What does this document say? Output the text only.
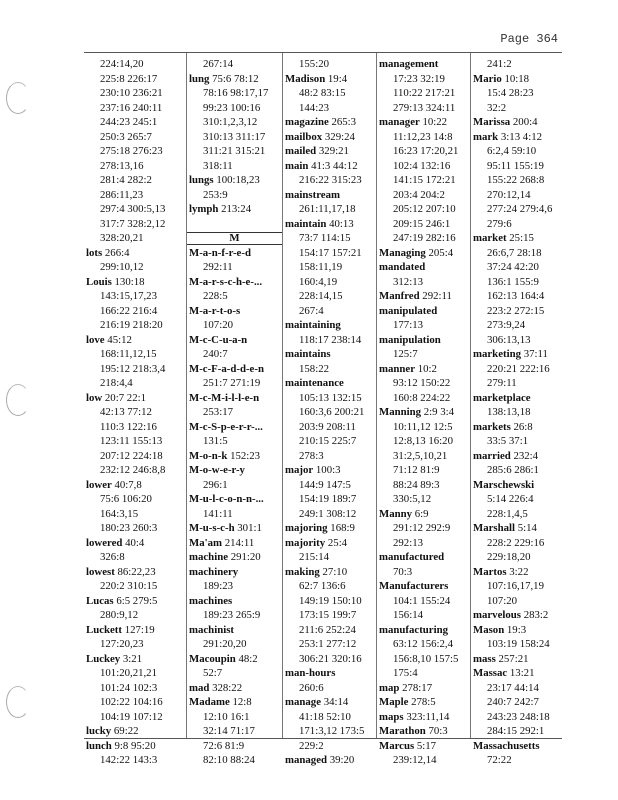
Page 364
224:14,20
225:8 226:17
230:10 236:21
237:16 240:11
244:23 245:1
250:3 265:7
275:18 276:23
278:13,16
281:4 282:2
286:11,23
297:4 300:5,13
317:7 328:2,12
328:20,21
lots 266:4
299:10,12
Louis 130:18
143:15,17,23
166:22 216:4
216:19 218:20
love 45:12
168:11,12,15
195:12 218:3,4
218:4,4
low 20:7 22:1
42:13 77:12
110:3 122:16
123:11 155:13
207:12 224:18
232:12 246:8,8
lower 40:7,8
75:6 106:20
164:3,15
180:23 260:3
lowered 40:4
326:8
lowest 86:22,23
220:2 310:15
Lucas 6:5 279:5
280:9,12
Luckett 127:19
127:20,23
Luckey 3:21
101:20,21,21
101:24 102:3
102:22 104:16
104:19 107:12
lucky 69:22
lunch 9:8 95:20
142:22 143:3
267:14
lung 75:6 78:12
78:16 98:17,17
99:23 100:16
310:1,2,3,12
310:13 311:17
311:21 315:21
318:11
lungs 100:18,23
253:9
lymph 213:24
M
M-a-n-f-r-e-d
292:11
M-a-r-s-c-h-e-...
228:5
M-a-r-t-o-s
107:20
M-c-C-u-a-n
240:7
M-c-F-a-d-d-e-n
251:7 271:19
M-c-M-i-l-l-e-n
253:17
M-c-S-p-e-r-r-...
131:5
M-o-n-k 152:23
M-o-w-e-r-y
296:1
M-u-l-c-o-n-n-...
141:11
M-u-s-c-h 301:1
Ma'am 214:11
machine 291:20
machinery
189:23
machines
189:23 265:9
machinist
291:20,20
Macoupin 48:2
52:7
mad 328:22
Madame 12:8
12:10 16:1
32:14 71:17
72:6 81:9
82:10 88:24
155:20
Madison 19:4
48:2 83:15
144:23
magazine 265:3
mailbox 329:24
mailed 329:21
main 41:3 44:12
216:22 315:23
mainstream
261:11,17,18
maintain 40:13
73:7 114:15
154:17 157:21
158:11,19
160:4,19
228:14,15
267:4
maintaining
118:17 238:14
maintains
158:22
maintenance
105:13 132:15
160:3,6 200:21
203:9 208:11
210:15 225:7
278:3
major 100:3
144:9 147:5
154:19 189:7
249:1 308:12
majoring 168:9
majority 25:4
215:14
making 27:10
62:7 136:6
149:19 150:10
173:15 199:7
211:6 252:24
253:1 277:12
306:21 320:16
man-hours
260:6
manage 34:14
41:18 52:10
171:3,12 173:5
229:2
managed 39:20
management
17:23 32:19
110:22 217:21
279:13 324:11
manager 10:22
11:12,23 14:8
16:23 17:20,21
102:4 132:16
141:15 172:21
203:4 204:2
205:12 207:10
209:15 246:1
247:19 282:16
Managing 205:4
mandated
312:13
Manfred 292:11
manipulated
177:13
manipulation
125:7
manner 10:2
93:12 150:22
160:8 224:22
Manning 2:9 3:4
10:11,12 12:5
12:8,13 16:20
31:2,5,10,21
71:12 81:9
88:24 89:3
330:5,12
Manny 6:9
291:12 292:9
292:13
manufactured
70:3
Manufacturers
104:1 155:24
156:14
manufacturing
63:12 156:2,4
156:8,10 157:5
175:4
map 278:17
Maple 278:5
maps 323:11,14
Marathon 70:3
Marcus 5:17
239:12,14
241:2
Mario 10:18
15:4 28:23
32:2
Marissa 200:4
mark 3:13 4:12
6:2,4 59:10
95:11 155:19
155:22 268:8
270:12,14
277:24 279:4,6
279:6
market 25:15
26:6,7 28:18
37:24 42:20
136:1 155:9
162:13 164:4
223:2 272:15
273:9,24
306:13,13
marketing 37:11
220:21 222:16
279:11
marketplace
138:13,18
markets 26:8
33:5 37:1
married 232:4
285:6 286:1
Marschewski
5:14 226:4
228:1,4,5
Marshall 5:14
228:2 229:16
229:18,20
Martos 3:22
107:16,17,19
107:20
marvelous 283:2
Mason 19:3
103:19 158:24
mass 257:21
Massac 13:21
23:17 44:14
240:7 242:7
243:23 248:18
284:15 292:1
Massachusetts
72:22
